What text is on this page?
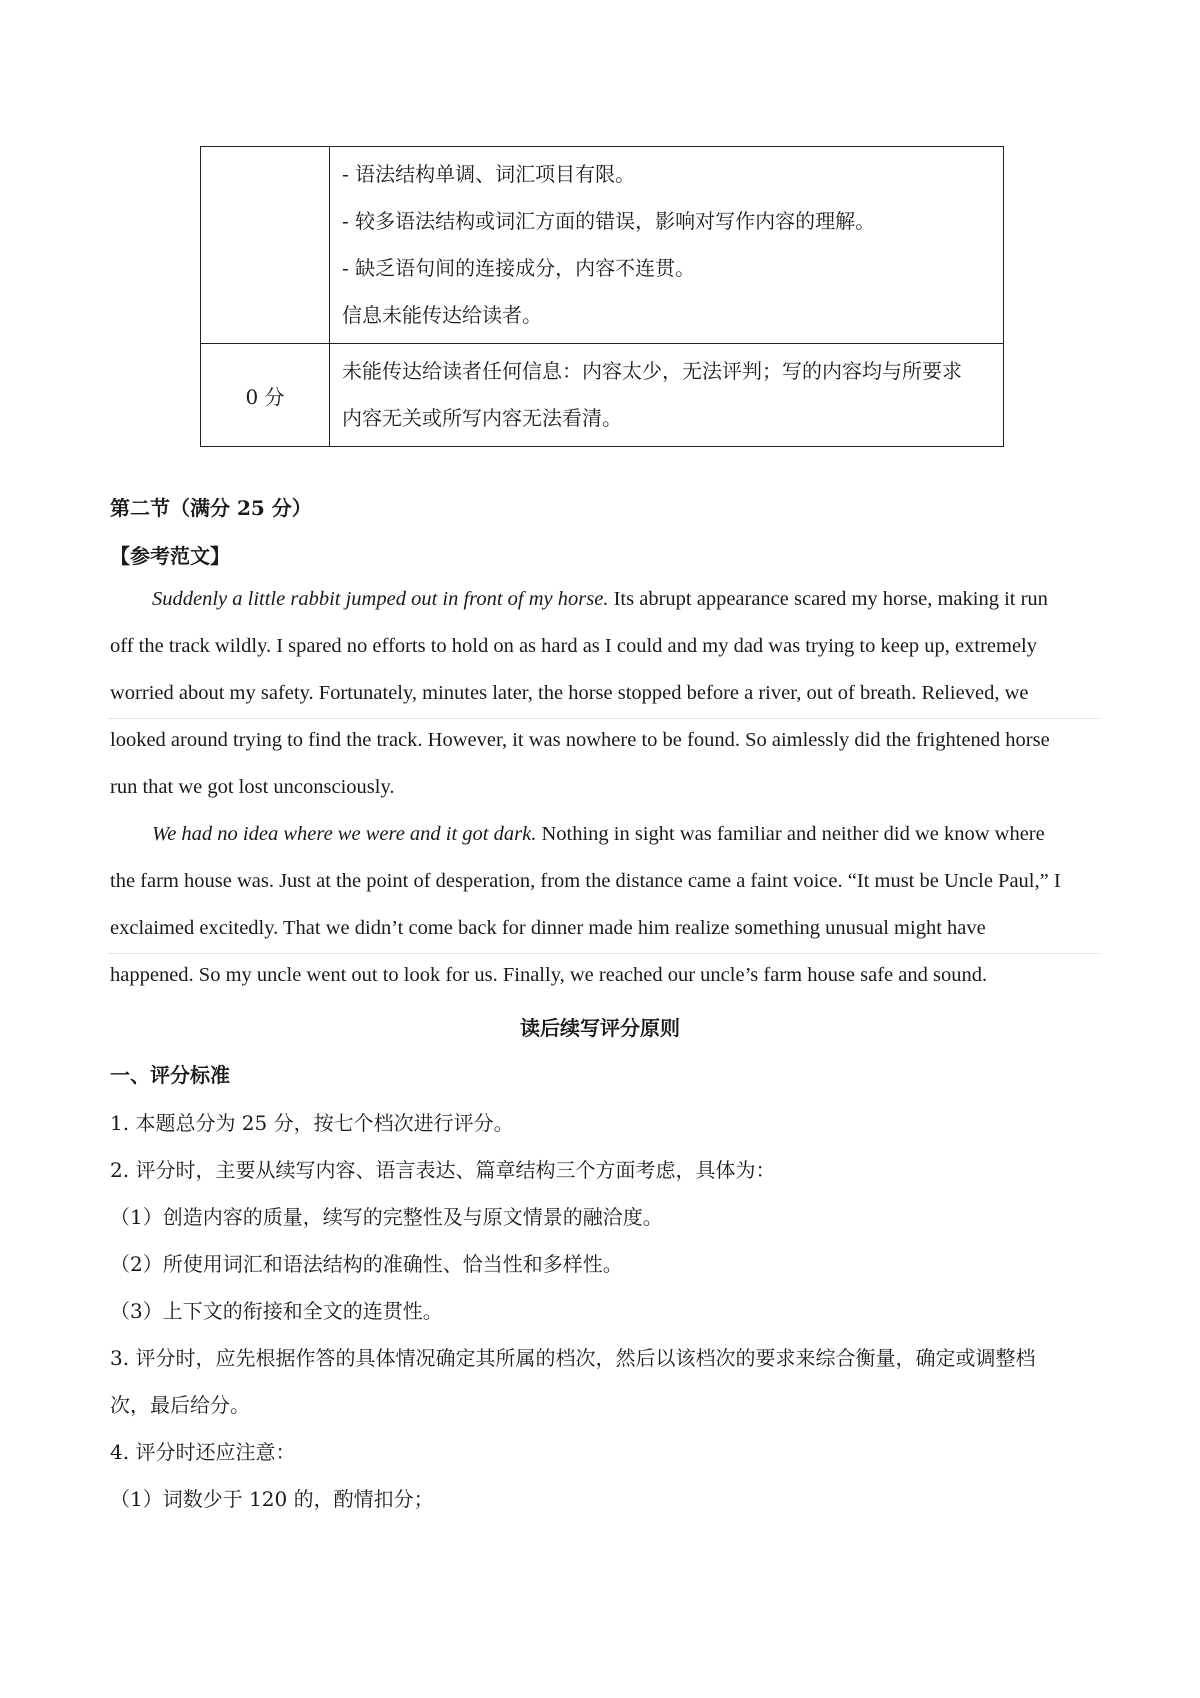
	- 语法结构单调、词汇项目有限。
- 较多语法结构或词汇方面的错误，影响对写作内容的理解。
- 缺乏语句间的连接成分，内容不连贯。
信息未能传达给读者。

0 分	未能传达给读者任何信息：内容太少，无法评判；写的内容均与所要求
内容无关或所写内容无法看清。
第二节（满分 25 分）
【参考范文】
Suddenly a little rabbit jumped out in front of my horse. Its abrupt appearance scared my horse, making it run
off the track wildly. I spared no efforts to hold on as hard as I could and my dad was trying to keep up, extremely
worried about my safety. Fortunately, minutes later, the horse stopped before a river, out of breath. Relieved, we
looked around trying to find the track. However, it was nowhere to be found. So aimlessly did the frightened horse
run that we got lost unconsciously.
We had no idea where we were and it got dark. Nothing in sight was familiar and neither did we know where
the farm house was. Just at the point of desperation, from the distance came a faint voice. “It must be Uncle Paul,” I
exclaimed excitedly. That we didn’t come back for dinner made him realize something unusual might have
happened. So my uncle went out to look for us. Finally, we reached our uncle’s farm house safe and sound.
读后续写评分原则
一、评分标准
1. 本题总分为 25 分，按七个档次进行评分。
2. 评分时，主要从续写内容、语言表达、篇章结构三个方面考虑，具体为：
（1）创造内容的质量，续写的完整性及与原文情景的融洽度。
（2）所使用词汇和语法结构的准确性、恰当性和多样性。
（3）上下文的衔接和全文的连贯性。
3. 评分时，应先根据作答的具体情况确定其所属的档次，然后以该档次的要求来综合衡量，确定或调整档
次，最后给分。
4. 评分时还应注意：
（1）词数少于 120 的，酌情扣分；
